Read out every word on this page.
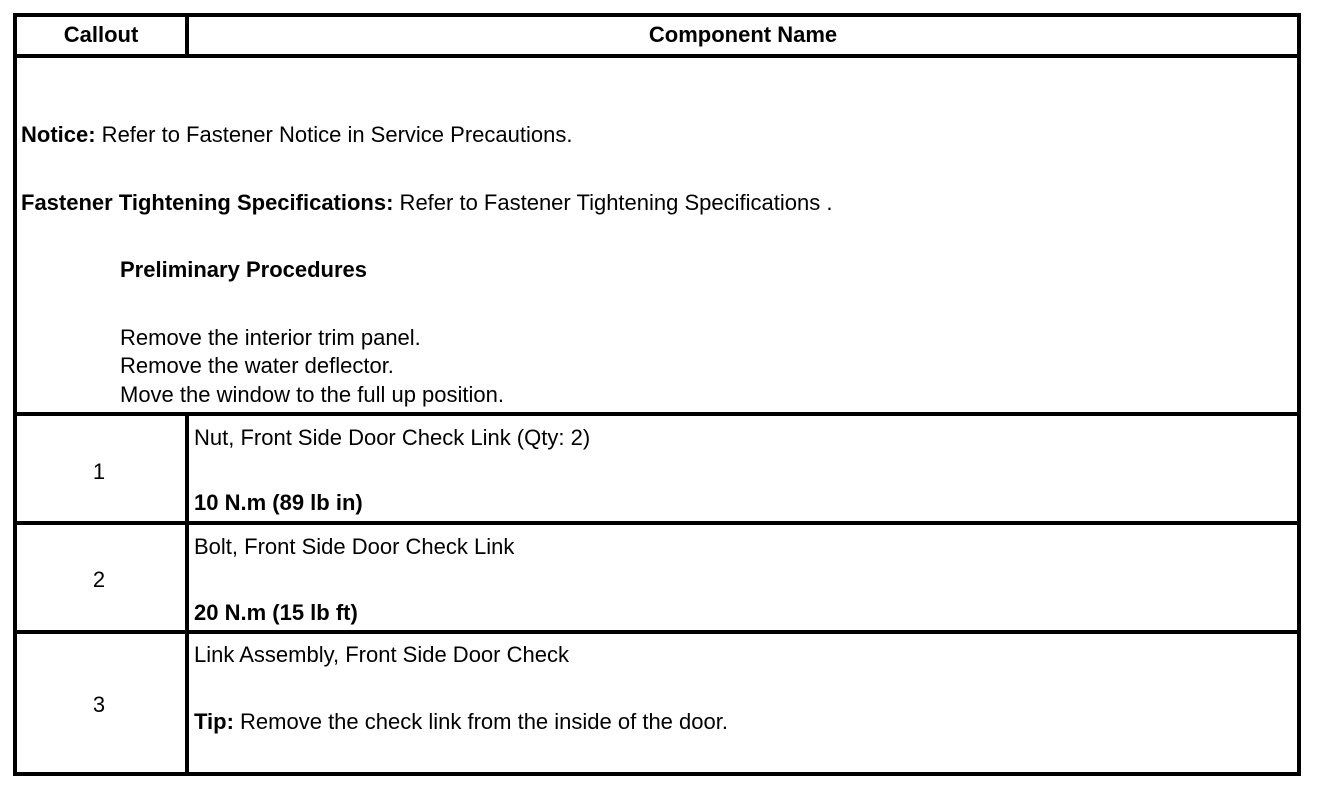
Callout	Component Name
Notice: Refer to Fastener Notice in Service Precautions.
Fastener Tightening Specifications: Refer to Fastener Tightening Specifications .
Preliminary Procedures
Remove the interior trim panel.
Remove the water deflector.
Move the window to the full up position.
1
Nut, Front Side Door Check Link (Qty: 2)
10 N.m (89 lb in)
2
Bolt, Front Side Door Check Link
20 N.m (15 lb ft)
3
Link Assembly, Front Side Door Check
Tip: Remove the check link from the inside of the door.
